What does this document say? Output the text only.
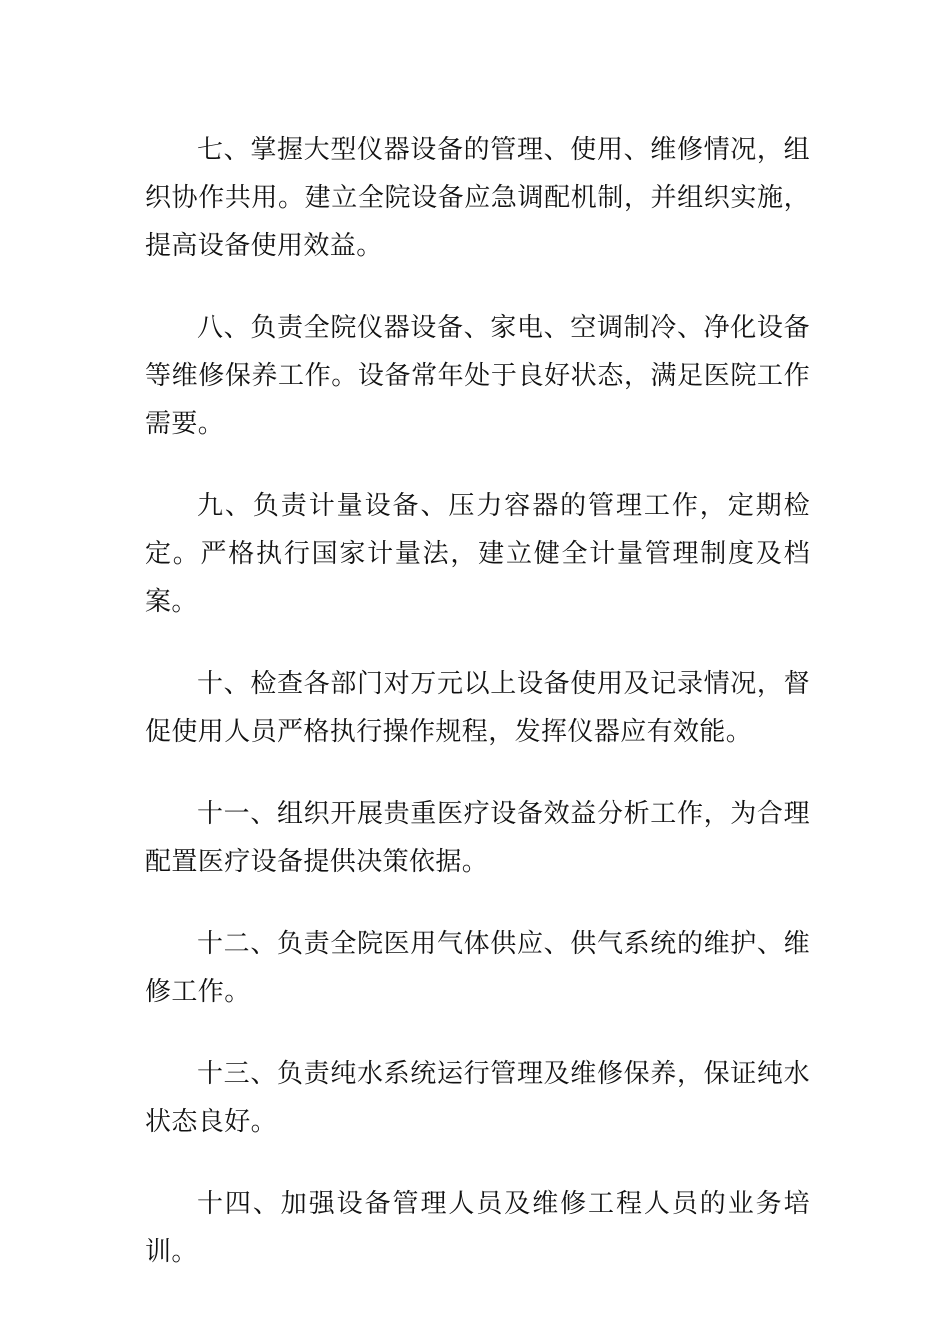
七、掌握大型仪器设备的管理、使用、维修情况，组织协作共用。建立全院设备应急调配机制，并组织实施，提高设备使用效益。

八、负责全院仪器设备、家电、空调制冷、净化设备等维修保养工作。设备常年处于良好状态，满足医院工作需要。

九、负责计量设备、压力容器的管理工作，定期检定。严格执行国家计量法，建立健全计量管理制度及档案。

十、检查各部门对万元以上设备使用及记录情况，督促使用人员严格执行操作规程，发挥仪器应有效能。

十一、组织开展贵重医疗设备效益分析工作，为合理配置医疗设备提供决策依据。

十二、负责全院医用气体供应、供气系统的维护、维修工作。

十三、负责纯水系统运行管理及维修保养，保证纯水状态良好。

十四、加强设备管理人员及维修工程人员的业务培训。
